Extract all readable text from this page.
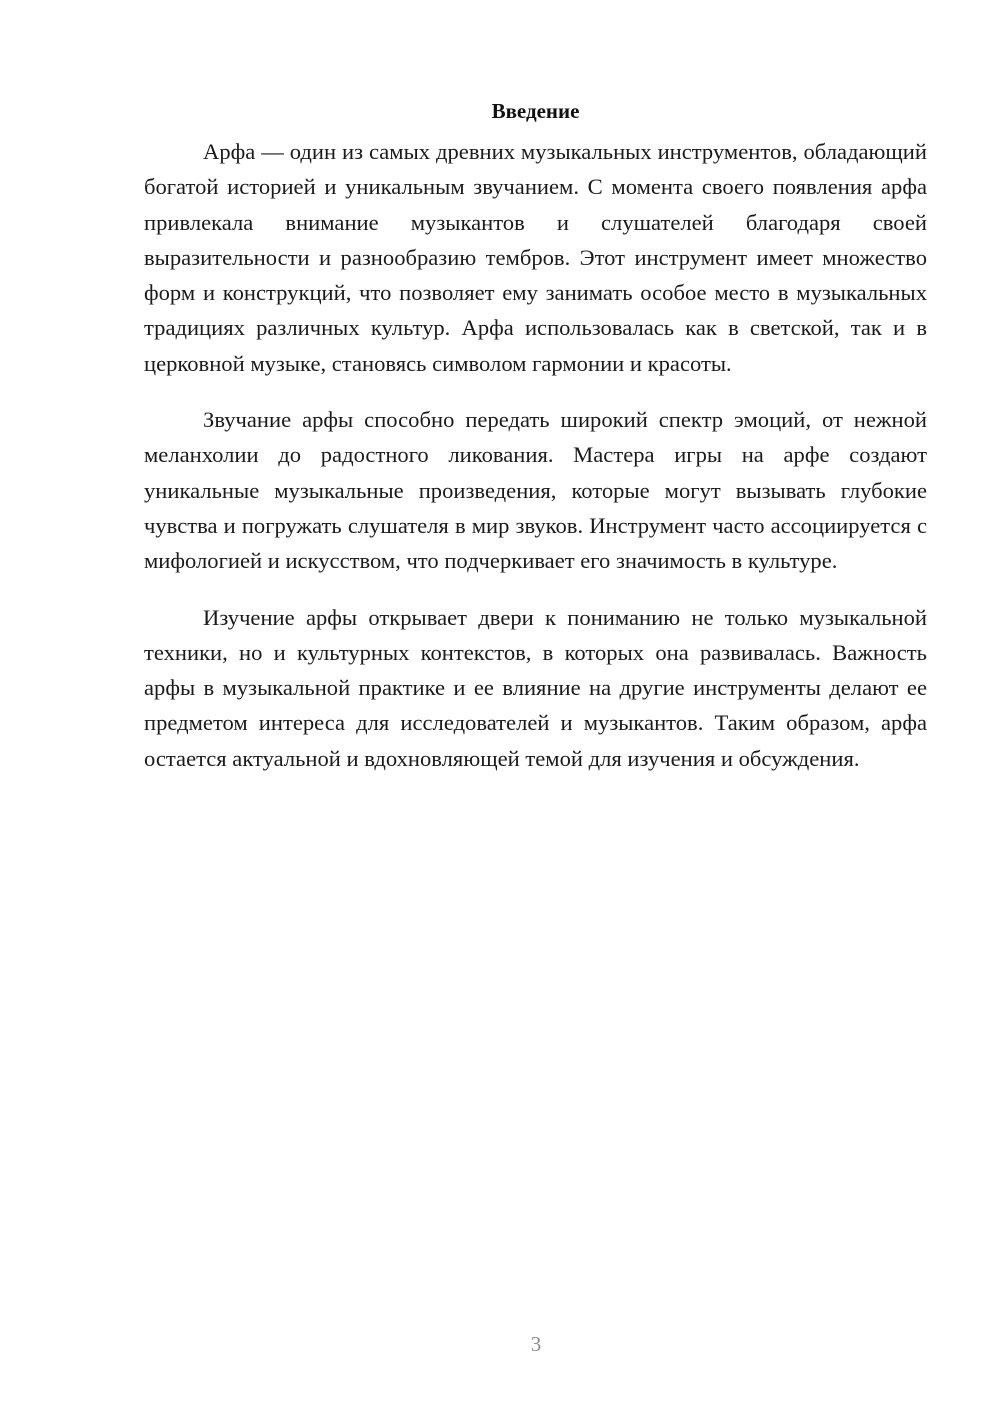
Введение

Арфа — один из самых древних музыкальных инструментов, обладающий богатой историей и уникальным звучанием. С момента своего появления арфа привлекала внимание музыкантов и слушателей благодаря своей выразительности и разнообразию тембров. Этот инструмент имеет множество форм и конструкций, что позволяет ему занимать особое место в музыкальных традициях различных культур. Арфа использовалась как в светской, так и в церковной музыке, становясь символом гармонии и красоты.

Звучание арфы способно передать широкий спектр эмоций, от нежной меланхолии до радостного ликования. Мастера игры на арфе создают уникальные музыкальные произведения, которые могут вызывать глубокие чувства и погружать слушателя в мир звуков. Инструмент часто ассоциируется с мифологией и искусством, что подчеркивает его значимость в культуре.

Изучение арфы открывает двери к пониманию не только музыкальной техники, но и культурных контекстов, в которых она развивалась. Важность арфы в музыкальной практике и ее влияние на другие инструменты делают ее предметом интереса для исследователей и музыкантов. Таким образом, арфа остается актуальной и вдохновляющей темой для изучения и обсуждения.

3
